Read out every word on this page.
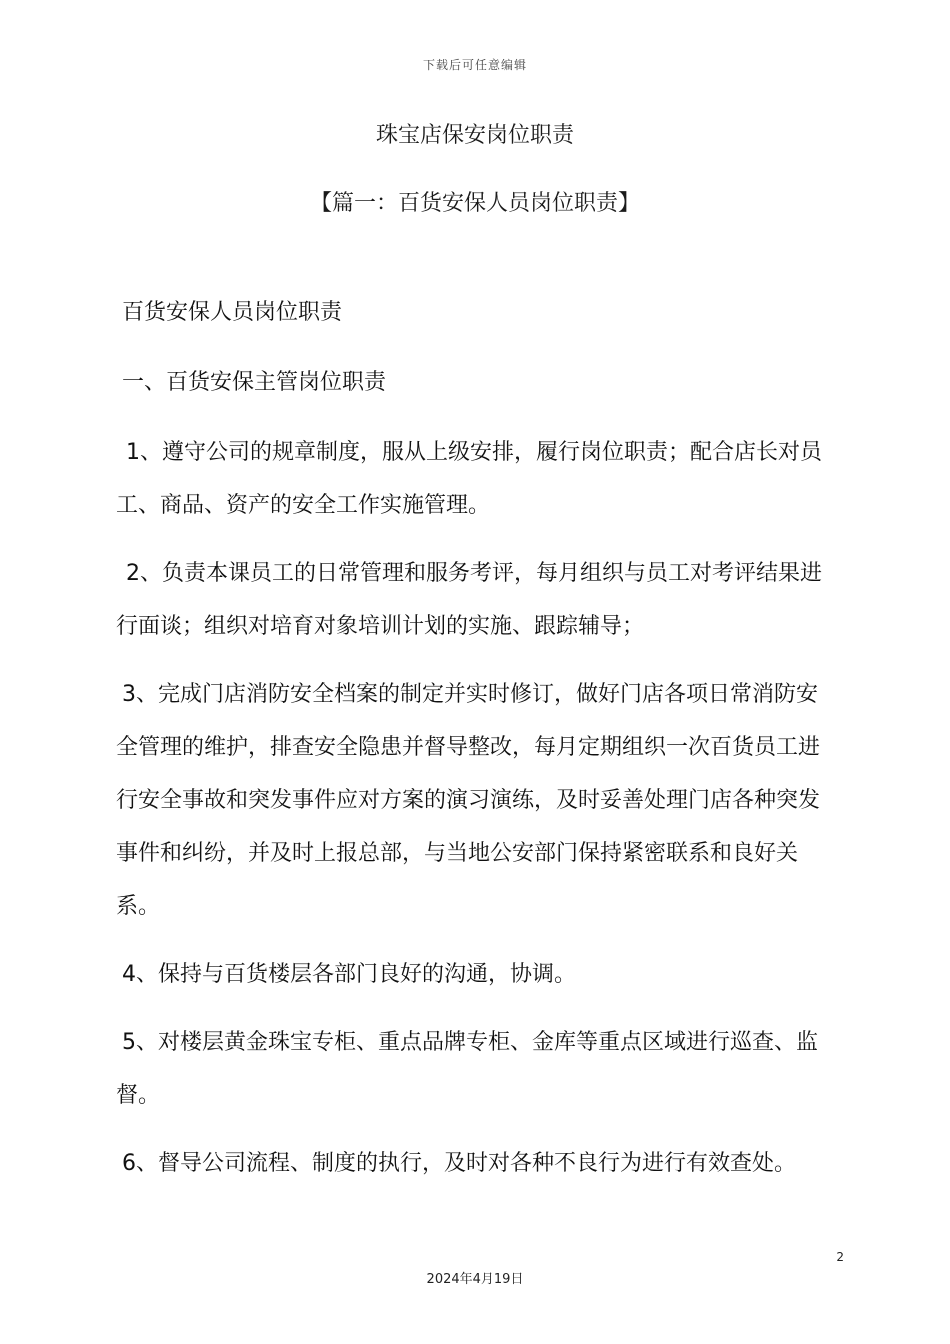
下载后可任意编辑
珠宝店保安岗位职责
【篇一：百货安保人员岗位职责】

百货安保人员岗位职责

一、百货安保主管岗位职责

1、遵守公司的规章制度，服从上级安排，履行岗位职责；配合店长对员工、商品、资产的安全工作实施管理。

2、负责本课员工的日常管理和服务考评，每月组织与员工对考评结果进行面谈；组织对培育对象培训计划的实施、跟踪辅导；

3、完成门店消防安全档案的制定并实时修订，做好门店各项日常消防安全管理的维护，排查安全隐患并督导整改，每月定期组织一次百货员工进行安全事故和突发事件应对方案的演习演练，及时妥善处理门店各种突发事件和纠纷，并及时上报总部，与当地公安部门保持紧密联系和良好关系。

4、保持与百货楼层各部门良好的沟通，协调。

5、对楼层黄金珠宝专柜、重点品牌专柜、金库等重点区域进行巡查、监督。

6、督导公司流程、制度的执行，及时对各种不良行为进行有效查处。

2
2024年4月19日
